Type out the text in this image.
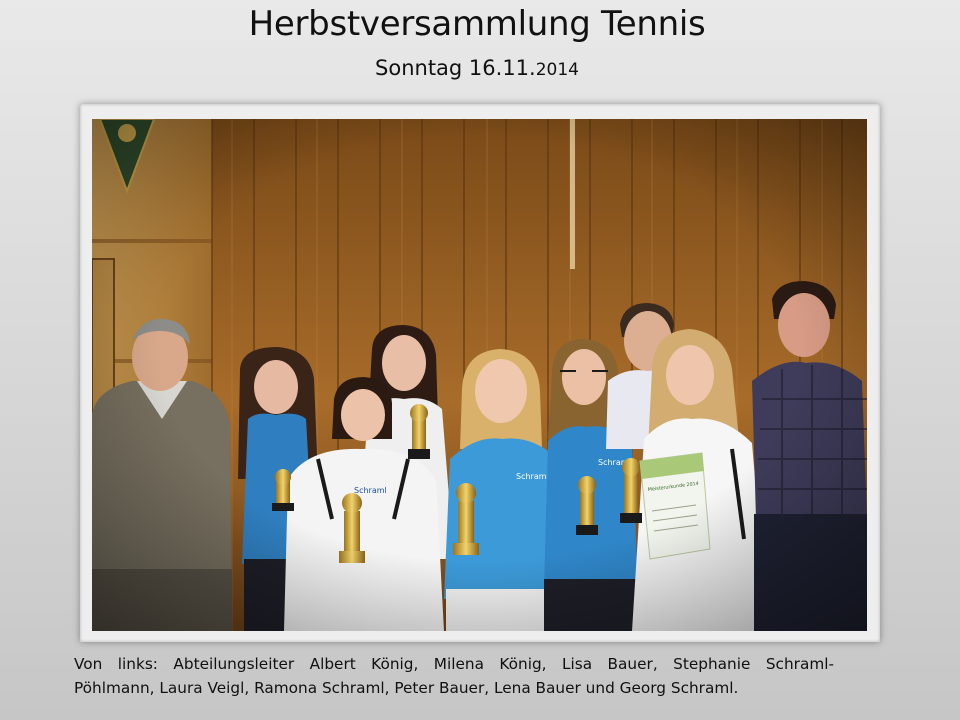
Herbstversammlung Tennis
Sonntag 16.11.2014
Von links: Abteilungsleiter Albert König, Milena König, Lisa Bauer, Stephanie Schraml-
Pöhlmann, Laura Veigl, Ramona Schraml, Peter Bauer, Lena Bauer und Georg Schraml.
